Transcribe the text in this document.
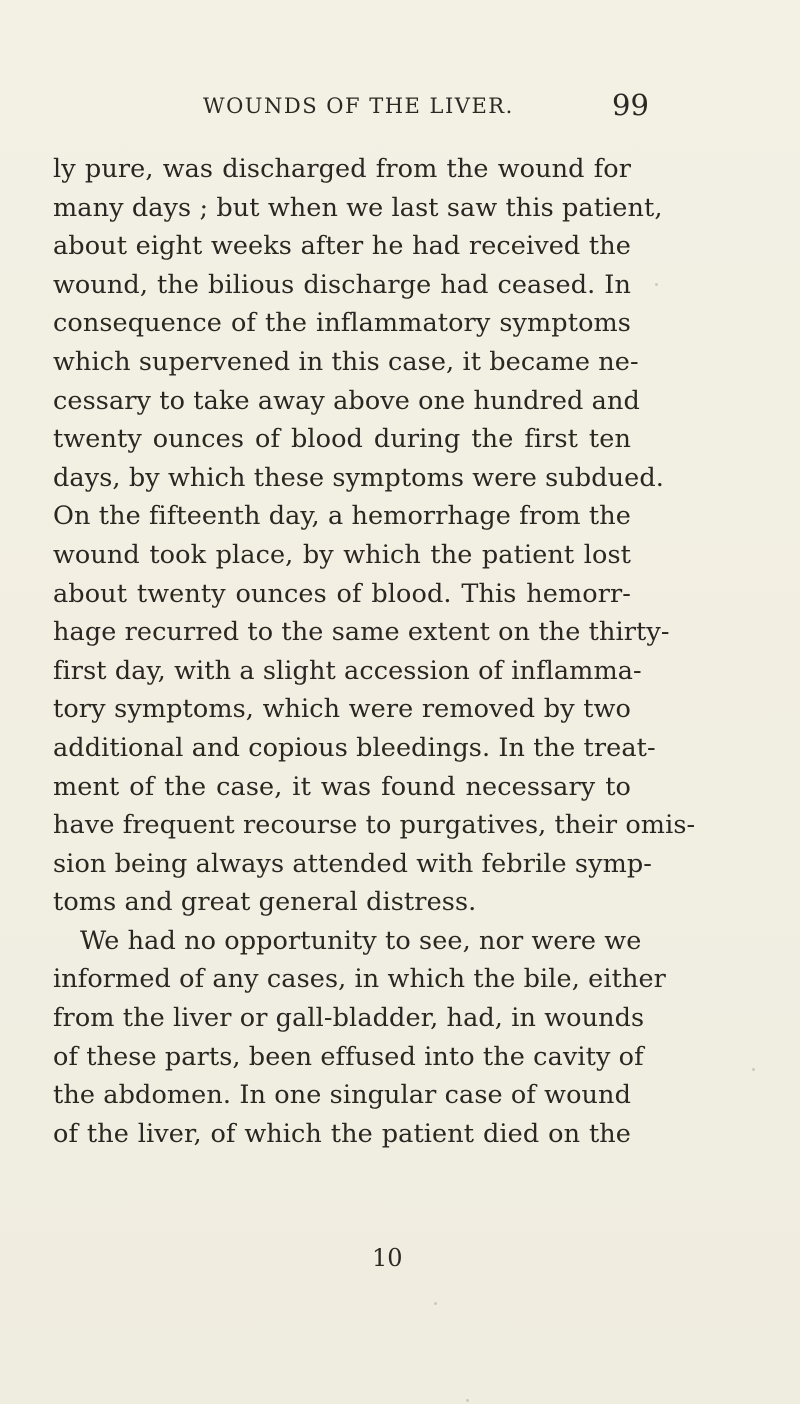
WOUNDS OF THE LIVER.	99
ly pure, was discharged from the wound for
many days ; but when we last saw this patient,
about eight weeks after he had received the
wound, the bilious discharge had ceased. In
consequence of the inflammatory symptoms
which supervened in this case, it became ne-
cessary to take away above one hundred and
twenty ounces of blood during the first ten
days, by which these symptoms were subdued.
On the fifteenth day, a hemorrhage from the
wound took place, by which the patient lost
about twenty ounces of blood. This hemorr-
hage recurred to the same extent on the thirty-
first day, with a slight accession of inflamma-
tory symptoms, which were removed by two
additional and copious bleedings. In the treat-
ment of the case, it was found necessary to
have frequent recourse to purgatives, their omis-
sion being always attended with febrile symp-
toms and great general distress.
We had no opportunity to see, nor were we
informed of any cases, in which the bile, either
from the liver or gall-bladder, had, in wounds
of these parts, been effused into the cavity of
the abdomen. In one singular case of wound
of the liver, of which the patient died on the
10
